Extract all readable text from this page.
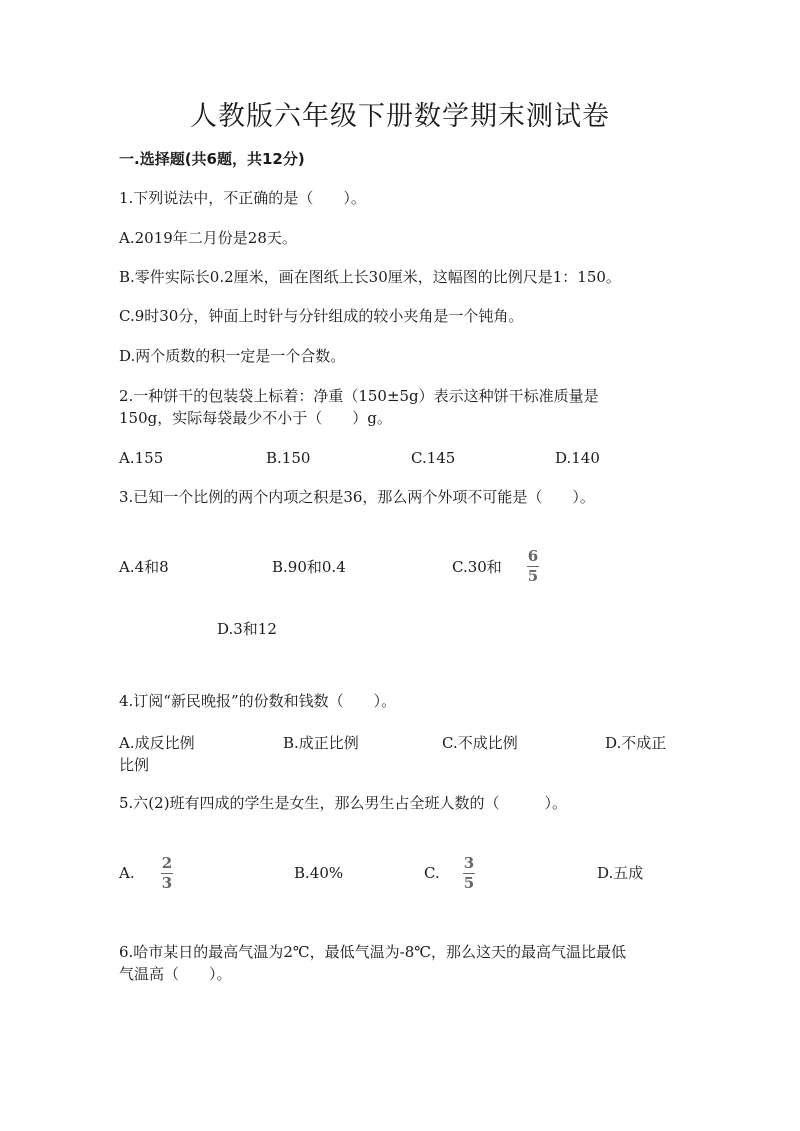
人教版六年级下册数学期末测试卷
一.选择题(共6题，共12分)
1.下列说法中，不正确的是（　　）。
A.2019年二月份是28天。
B.零件实际长0.2厘米，画在图纸上长30厘米，这幅图的比例尺是1：150。
C.9时30分，钟面上时针与分针组成的较小夹角是一个钝角。
D.两个质数的积一定是一个合数。
2.一种饼干的包装袋上标着：净重（150±5g）表示这种饼干标准质量是
150g，实际每袋最少不小于（　　）g。
A.155	B.150	C.145	D.140
3.已知一个比例的两个内项之积是36，那么两个外项不可能是（　　）。
A.4和8	B.90和0.4	C.30和
6
5
D.3和12
4.订阅“新民晚报”的份数和钱数（　　）。
A.成反比例	B.成正比例	C.不成比例	D.不成正
比例
5.六(2)班有四成的学生是女生，那么男生占全班人数的（　　　）。
A.
2
3
B.40%	C.
3
5
D.五成
6.哈市某日的最高气温为2℃，最低气温为-8℃，那么这天的最高气温比最低
气温高（　　）。
